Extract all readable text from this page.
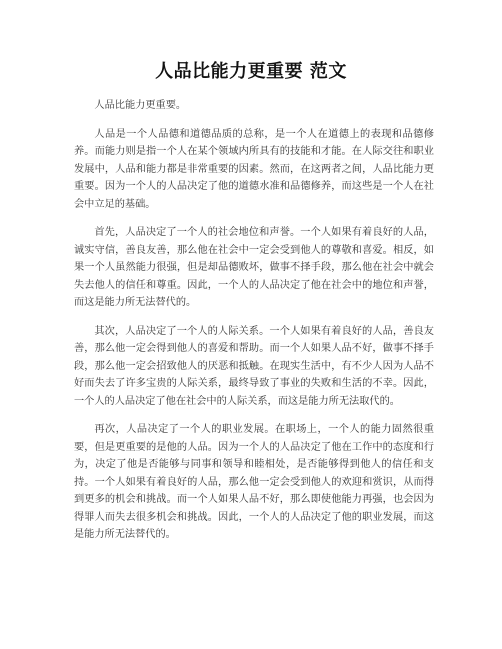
人品比能力更重要 范文

人品比能力更重要。

人品是一个人品德和道德品质的总称，是一个人在道德上的表现和品德修养。而能力则是指一个人在某个领域内所具有的技能和才能。在人际交往和职业发展中，人品和能力都是非常重要的因素。然而，在这两者之间，人品比能力更重要。因为一个人的人品决定了他的道德水准和品德修养，而这些是一个人在社会中立足的基础。

首先，人品决定了一个人的社会地位和声誉。一个人如果有着良好的人品，诚实守信，善良友善，那么他在社会中一定会受到他人的尊敬和喜爱。相反，如果一个人虽然能力很强，但是却品德败坏，做事不择手段，那么他在社会中就会失去他人的信任和尊重。因此，一个人的人品决定了他在社会中的地位和声誉，而这是能力所无法替代的。

其次，人品决定了一个人的人际关系。一个人如果有着良好的人品，善良友善，那么他一定会得到他人的喜爱和帮助。而一个人如果人品不好，做事不择手段，那么他一定会招致他人的厌恶和抵触。在现实生活中，有不少人因为人品不好而失去了许多宝贵的人际关系，最终导致了事业的失败和生活的不幸。因此，一个人的人品决定了他在社会中的人际关系，而这是能力所无法取代的。

再次，人品决定了一个人的职业发展。在职场上，一个人的能力固然很重要，但是更重要的是他的人品。因为一个人的人品决定了他在工作中的态度和行为，决定了他是否能够与同事和领导和睦相处，是否能够得到他人的信任和支持。一个人如果有着良好的人品，那么他一定会受到他人的欢迎和赏识，从而得到更多的机会和挑战。而一个人如果人品不好，那么即使他能力再强，也会因为得罪人而失去很多机会和挑战。因此，一个人的人品决定了他的职业发展，而这是能力所无法替代的。
